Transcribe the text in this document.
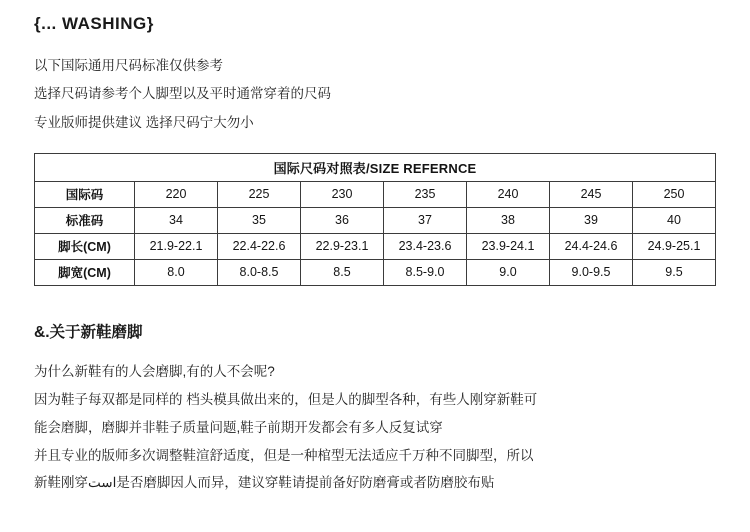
{... WASHING}

以下国际通用尺码标准仅供参考

选择尺码请参考个人脚型以及平时通常穿着的尺码

专业版师提供建议 选择尺码宁大勿小

国际尺码对照表/SIZE REFERNCE							
国际码	220	225	230	235	240	245	250
标准码	34	35	36	37	38	39	40
脚长(CM)	21.9-22.1	22.4-22.6	22.9-23.1	23.4-23.6	23.9-24.1	24.4-24.6	24.9-25.1
脚宽(CM)	8.0	8.0-8.5	8.5	8.5-9.0	9.0	9.0-9.5	9.5
&.关于新鞋磨脚

为什么新鞋有的人会磨脚,有的人不会呢?

因为鞋子每双都是同样的 档头模具做出来的，但是人的脚型各种，有些人刚穿新鞋可

能会磨脚，磨脚并非鞋子质量问题,鞋子前期开发都会有多人反复试穿

并且专业的版师多次调整鞋渲舒适度，但是一种棺型无法适应千万种不同脚型，所以

新鞋刚穿است是否磨脚因人而异，建议穿鞋请提前备好防磨膏或者防磨胶布贴
